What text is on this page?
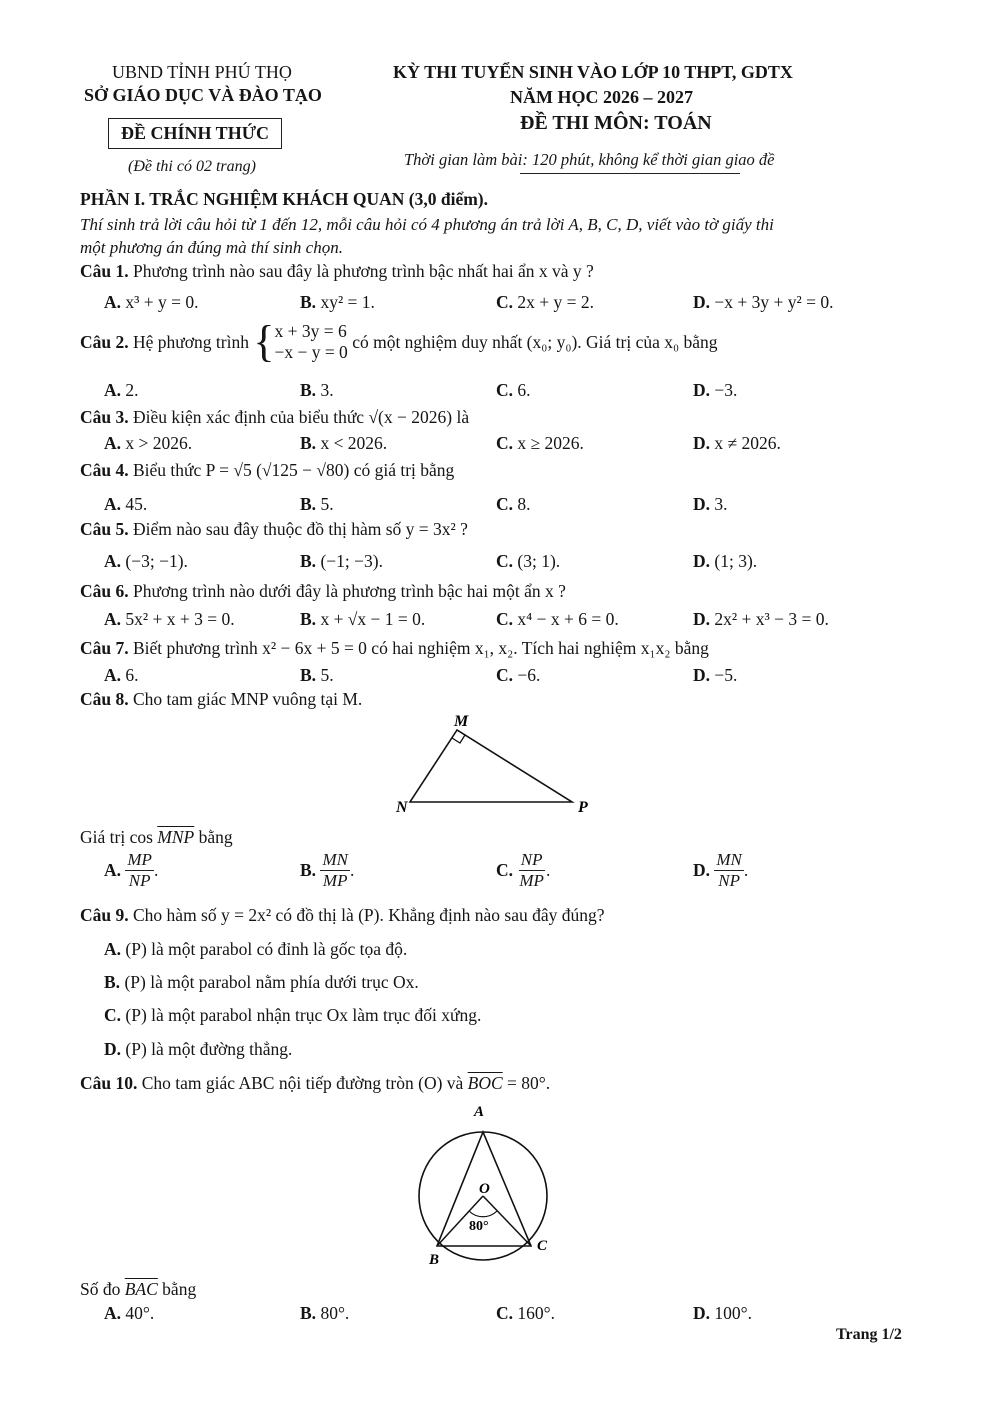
UBND TỈNH PHÚ THỌ
SỞ GIÁO DỤC VÀ ĐÀO TẠO
ĐỀ CHÍNH THỨC
(Đề thi có 02 trang)
KỲ THI TUYỂN SINH VÀO LỚP 10 THPT, GDTX
NĂM HỌC 2026 – 2027
ĐỀ THI MÔN: TOÁN
Thời gian làm bài: 120 phút, không kể thời gian giao đề
PHẦN I. TRẮC NGHIỆM KHÁCH QUAN (3,0 điểm).
Thí sinh trả lời câu hỏi từ 1 đến 12, mỗi câu hỏi có 4 phương án trả lời A, B, C, D, viết vào tờ giấy thi
một phương án đúng mà thí sinh chọn.
Câu 1. Phương trình nào sau đây là phương trình bậc nhất hai ẩn x và y ?
A. x³ + y = 0.	B. xy² = 1.	C. 2x + y = 2.	D. −x + 3y + y² = 0.
Câu 2.
Hệ phương trình
{ x + 3y = 6
−x − y = 0

có một nghiệm duy nhất (x₀; y₀). Giá trị của x₀ bằng
A. 2.	B. 3.	C. 6.	D. −3.
Câu 3. Điều kiện xác định của biểu thức √(x − 2026) là
A. x > 2026.	B. x < 2026.	C. x ≥ 2026.	D. x ≠ 2026.
Câu 4. Biểu thức P = √5 (√125 − √80) có giá trị bằng
A. 45.	B. 5.	C. 8.	D. 3.
Câu 5. Điểm nào sau đây thuộc đồ thị hàm số y = 3x² ?
A. (−3; −1).	B. (−1; −3).	C. (3; 1).	D. (1; 3).
Câu 6. Phương trình nào dưới đây là phương trình bậc hai một ẩn x ?
A. 5x² + x + 3 = 0.	B. x + √x − 1 = 0.	C. x⁴ − x + 6 = 0.	D. 2x² + x³ − 3 = 0.
Câu 7. Biết phương trình x² − 6x + 5 = 0 có hai nghiệm x₁, x₂. Tích hai nghiệm x₁x₂ bằng
A. 6.	B. 5.	C. −6.	D. −5.
Câu 8. Cho tam giác MNP vuông tại M.
M
N	P
Giá trị $\cos \overline{MNP}$ bằng
A.
$\frac{MP}{NP}$ .	B.
$\frac{MN}{MP}$ .	C.
$\frac{NP}{MP}$ .	D.
$\frac{MN}{NP}$ .
Câu 9. Cho hàm số y = 2x² có đồ thị là (P). Khẳng định nào sau đây đúng?
A. (P) là một parabol có đỉnh là gốc tọa độ.
B. (P) là một parabol nằm phía dưới trục Ox.
C. (P) là một parabol nhận trục Ox làm trục đối xứng.
D. (P) là một đường thẳng.
Câu 10. Cho tam giác ABC nội tiếp đường tròn (O) và $\overline{BOC} = 80^\circ$.
A
O
B
C
80°
Số đo $\overline{BAC}$ bằng
A. 40°.	B. 80°.	C. 160°.	D. 100°.
Trang 1/2
